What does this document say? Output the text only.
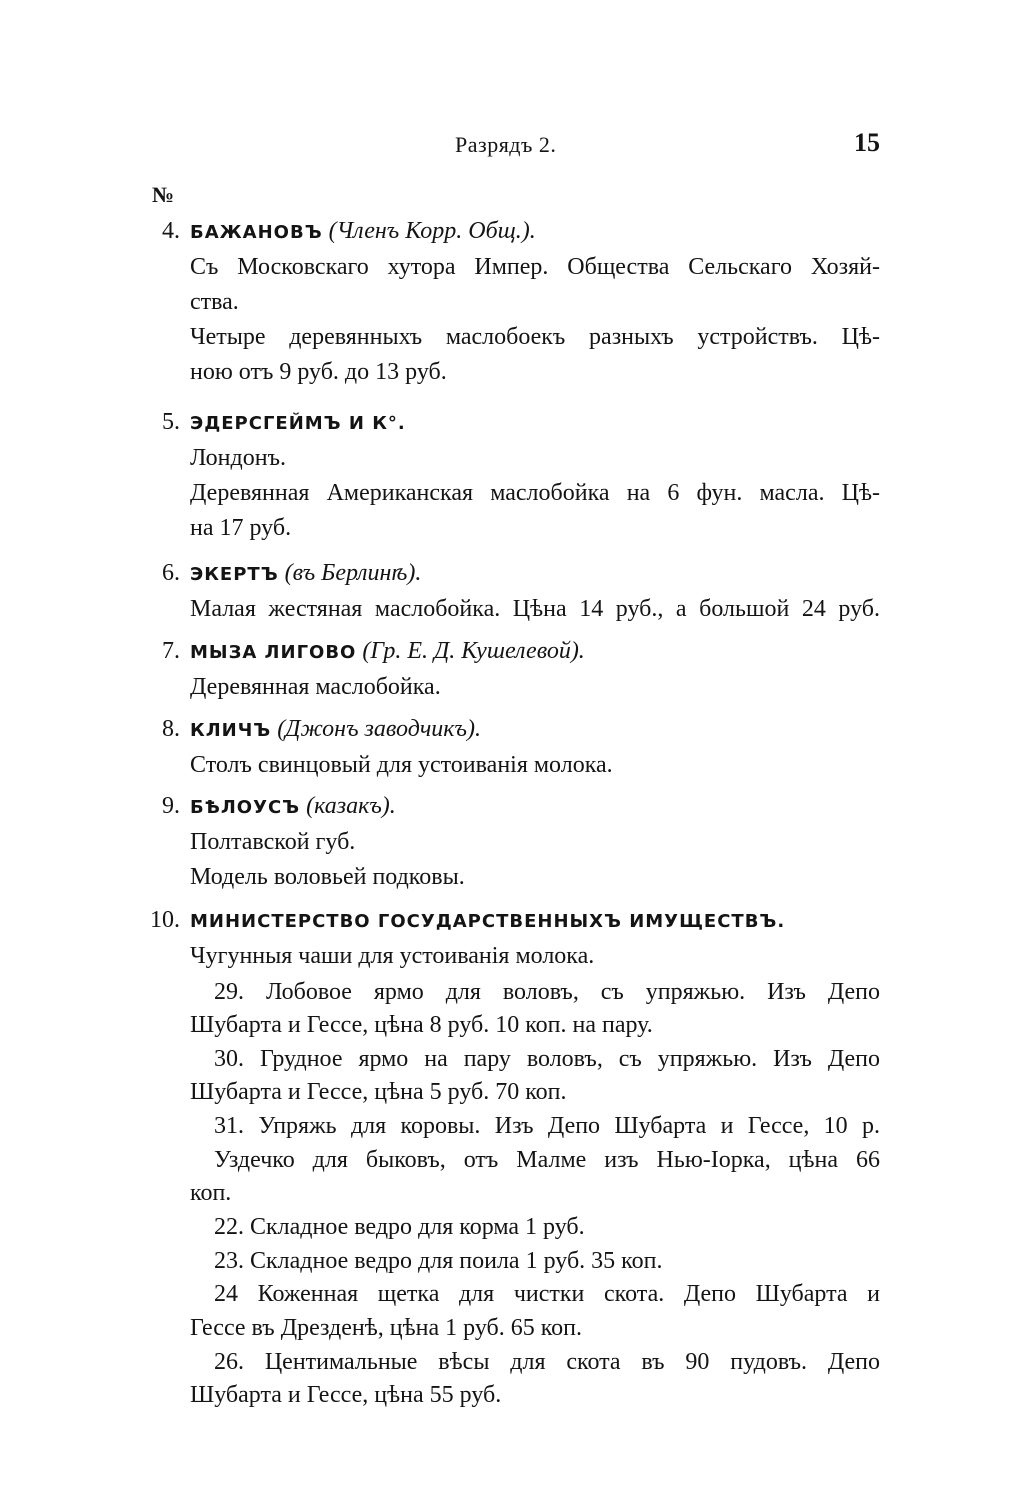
Разрядъ 2.	15
№
4. БАЖАНОВЪ (Членъ Корр. Общ.).
Съ Московскаго хутора Импер. Общества Сельскаго Хозяй-
ства.
Четыре деревянныхъ маслобоекъ разныхъ устройствъ. Цѣ-
ною отъ 9 руб. до 13 руб.
5. ЭДЕРСГЕЙМЪ И К°.
Лондонъ.
Деревянная Американская маслобойка на 6 фун. масла. Цѣ-
на 17 руб.
6. ЭКЕРТЪ (въ Берлинѣ).
Малая жестяная маслобойка. Цѣна 14 руб., а большой 24 руб.
7. МЫЗА ЛИГОВО (Гр. Е. Д. Кушелевой).
Деревянная маслобойка.
8. КЛИЧЪ (Джонъ заводчикъ).
Столъ свинцовый для устоиванія молока.
9. БѢЛОУСЪ (казакъ).
Полтавской губ.
Модель воловьей подковы.
10. МИНИСТЕРСТВО ГОСУДАРСТВЕННЫХЪ ИМУЩЕСТВЪ.
Чугунныя чаши для устоиванія молока.
29. Лобовое ярмо для воловъ, съ упряжью. Изъ Депо
Шубарта и Гессе, цѣна 8 руб. 10 коп. на пару.
30. Грудное ярмо на пару воловъ, съ упряжью. Изъ Депо
Шубарта и Гессе, цѣна 5 руб. 70 коп.
31. Упряжь для коровы. Изъ Депо Шубарта и Гессе, 10 р.
Уздечко для быковъ, отъ Малме изъ Нью-Іорка, цѣна 66
коп.
22. Складное ведро для корма 1 руб.
23. Складное ведро для поила 1 руб. 35 коп.
24 Коженная щетка для чистки скота. Депо Шубарта и
Гессе въ Дрезденѣ, цѣна 1 руб. 65 коп.
26. Центимальные вѣсы для скота въ 90 пудовъ. Депо
Шубарта и Гессе, цѣна 55 руб.
